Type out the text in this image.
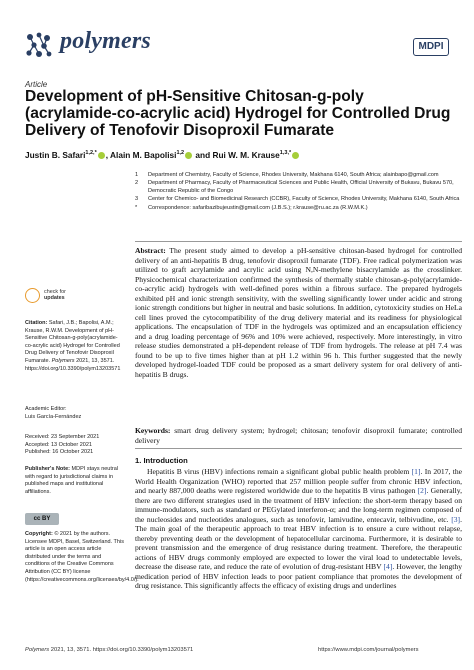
polymers	MDPI
Article
Development of pH-Sensitive Chitosan-g-poly (acrylamide-co-acrylic acid) Hydrogel for Controlled Drug Delivery of Tenofovir Disoproxil Fumarate
Justin B. Safari$^{1,2,*}$ , Alain M. Bapolisi$^{1,2}$ and Rui W. M. Krause$^{1,3,*}$
1	Department of Chemistry, Faculty of Science, Rhodes University, Makhana 6140, South Africa; alainbapo@gmail.com
2	Department of Pharmacy, Faculty of Pharmaceutical Sciences and Public Health, Official University of Bukavu, Bukavu 570, Democratic Republic of the Congo
3	Center for Chemico- and Biomedicinal Research (CCBR), Faculty of Science, Rhodes University, Makhana 6140, South Africa
*	Correspondence: safaribazibujeustin@gmail.com (J.B.S.); r.krause@ru.ac.za (R.W.M.K.)
Abstract: The present study aimed to develop a pH-sensitive chitosan-based hydrogel for controlled delivery of an anti-hepatitis B drug, tenofovir disoproxil fumarate (TDF). Free radical polymerization was utilized to graft acrylamide and acrylic acid using N,N-methylene bisacrylamide as the crosslinker. Physicochemical characterization confirmed the synthesis of thermally stable chitosan-g-poly(acrylamide-co-acrylic acid) hydrogels with well-defined pores within a fibrous surface. The prepared hydrogels exhibited pH and ionic strength sensitivity, with the swelling significantly lower under acidic and strong ionic strength conditions but higher in neutral and basic solutions. In addition, cytotoxicity studies on HeLa cell lines proved the cytocompatibility of the drug delivery material and its readiness for physiological applications. The encapsulation of TDF in the hydrogels was optimized and an encapsulation efficiency and a drug loading percentage of 96% and 10% were achieved, respectively. More interestingly, in vitro release studies demonstrated a pH-dependent release of TDF from hydrogels. The release at pH 7.4 was found to be up to five times higher than at pH 1.2 within 96 h. This further suggested that the newly developed hydrogel-loaded TDF could be proposed as a smart delivery system for oral delivery of anti-hepatitis B drugs.
Keywords: smart drug delivery system; hydrogel; chitosan; tenofovir disoproxil fumarate; controlled delivery
1. Introduction
Hepatitis B virus (HBV) infections remain a significant global public health problem [1]. In 2017, the World Health Organization (WHO) reported that 257 million people suffer from chronic HBV infection, and nearly 887,000 deaths were registered worldwide due to the hepatitis B virus pathogen [2]. Generally, there are two different strategies used in the treatment of HBV infection: the short-term therapy based on immune-modulators, such as standard or PEGylated interferon-α; and the long-term regimen composed of the nucleosides and nucleotides analogues, such as tenofovir, lamivudine, entecavir, telbivudine, etc. [3]. The main goal of the therapeutic approach to treat HBV infection is to ensure a cure without relapse, thereby preventing death or the development of hepatocellular carcinoma. Furthermore, it is desirable to prevent transmission and the emergence of drug resistance during treatment. Therefore, the therapeutic actions of HBV drugs commonly employed are expected to lower the viral load to undetectable levels, decrease the disease rate, and reduce the rate of evolution of drug-resistant HBV [4]. However, the lengthy medication period of HBV infection leads to poor patient compliance that promotes the development of drug resistance. This significantly affects the efficacy of existing drugs and underlines
check for
updates
Citation: Safari, J.B.; Bapolisi, A.M.; Krause, R.W.M. Development of pH-Sensitive Chitosan-g-poly(acrylamide-co-acrylic acid) Hydrogel for Controlled Drug Delivery of Tenofovir Disoproxil Fumarate. Polymers 2021, 13, 3571. https://doi.org/10.3390/polym13203571
Academic Editor:
Luis García-Fernández
Received: 23 September 2021
Accepted: 13 October 2021
Published: 16 October 2021
Publisher's Note: MDPI stays neutral with regard to jurisdictional claims in published maps and institutional affiliations.
cc BY
Copyright: © 2021 by the authors. Licensee MDPI, Basel, Switzerland. This article is an open access article distributed under the terms and conditions of the Creative Commons Attribution (CC BY) license (https://creativecommons.org/licenses/by/4.0/).
Polymers 2021, 13, 3571. https://doi.org/10.3390/polym13203571	https://www.mdpi.com/journal/polymers
